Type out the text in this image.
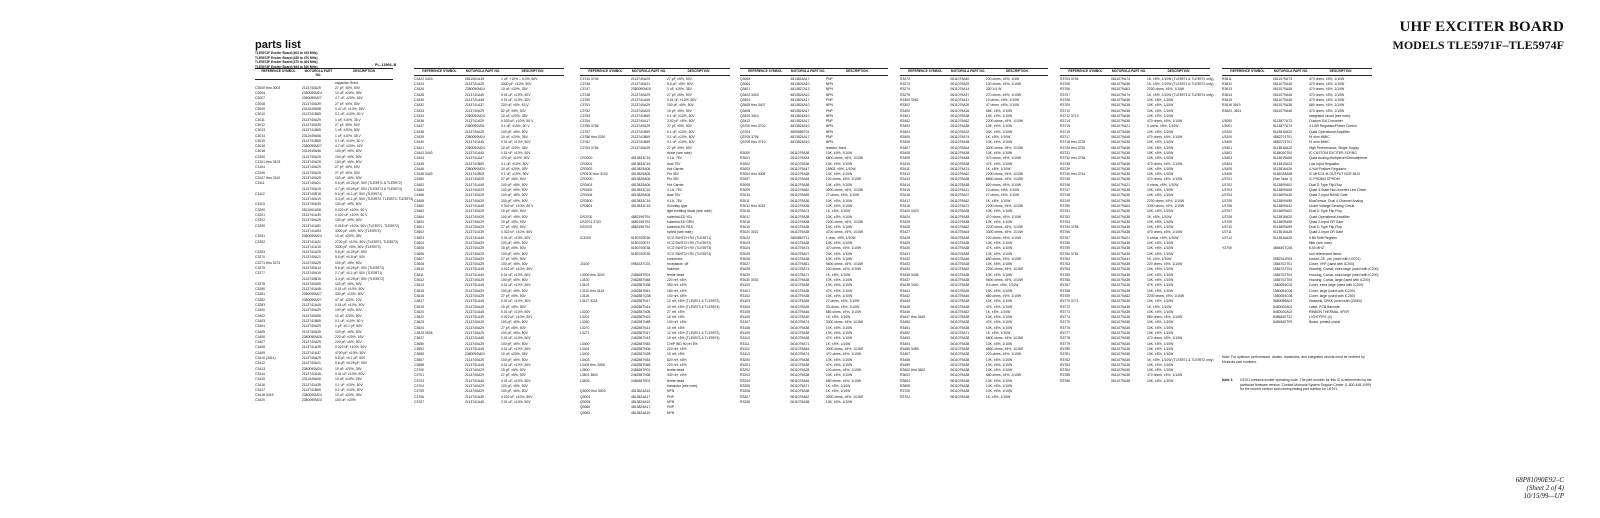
UHF EXCITER BOARD
MODELS TLE5971F–TLE5974F
parts list
TLE5971F Exciter Board (403 to 433 MHz)
TLE5972F Exciter Board (438 to 470 MHz)
TLE5973F Exciter Board (470 to 494 MHz)
TLE5974F Exciter Board (494 to 520 MHz)	PL–13966–B
REFERENCE SYMBOL	MOTOROLA PART NO.
DESCRIPTION
capacitor, fixed:
C3000 thru 3003	2113740A29	27 pF, ±5%, 50V
C3004	2380090M24	10 uF, ±20%, 35V
C3007	2380090M27	4.7 uF, ±20%, 16V
C3008	2113740A39	27 pF, ±5%, 50V
C3009	2311049A98	0.47 uF, ±10%, 35V
C3010	2113741B65	0.1 uF, ±10%, 50 V
C3011	2113740A29	1 uF, ±10%, 35 V
C3012	2113740A39	27 pF, ±5%, 50V
C3013	2113741B65	1 uF, ±20%, 50V
C3014	2311049A56	1 uF, ±10%, 35 V
C3015	2113741B69	0.1 uF, ±10%, 50 V
C3016	2380090M27	4.7 uF, ±20%, 16V
C3018	2311049A56	100 pF, ±5%, 50V
C3100	2113740A29	100 pF, ±5%, 50V
C3101 thru 3103	2113740A29	100 pF, ±5%, 50V
C3104	2113740A29	27 pF, ±5%, 50V
C3106	2113740A29	27 pF, ±5%, 50V
C3107 thru 3110	2113740A29	100 pF, ±5%, 50V
C3111	2113740A21	5.6 pF, ±0.25 pF, 50V (TLE5971 & TLE5972)
2113740A19	4.7 pF, ±0.25 pF, 50V (TLE5973 & TLE5974)
C3112	2113740B15	5.6 pF, ±0.1 pF, 50V (TLE5971)
2113740A19	3.3 pF, ±0.1 pF, 50V (TLE5972, TLE5973, TLE5974)
C3113	2113740A39	100 pF, ±5%, 50V
C3200	0811061A08	0.022 uF, ±10%, 50 V
C3201	2113741A39	0.022 uF, ±10%, 50 V
C3202	2113740A29	100 pF, ±5%, 50V
C3250	2113741A51	0.018 uF, ±10%, 50V (TLE5971, TLE5972)
2113741A53	3300 pF, ±5%, 50V (TLE5974)
C3251	2380090M24	10 uF, ±20%, 35V
C3252	2113741A21	2700 pF, ±10%, 50V (TLE5971, TLE5972)
2113741A15	3300 pF, ±5%, 50V (TLE5973)
C3253	2113741A29	5.6 pF, ±0.25 pF, 50V
C3270	2113740A21	5.6 pF, ±0.5 pF, 50V
C3271 thru 3274	2113740A29	100 pF, ±5%, 50V
C3275	2113740A14	5.6 pF, ±0.25 pF, 50V (TLE5971)
C3277	2113740A15	2.7 pF, ±0.1 pF, 50V (TLE5971)
2113740B15	3.3 pF, ±0.25 pF, 50V (TLE5972)
C3278	2113740A55	100 pF, ±5%, 50V
C3280	2113741A45	0.01 uF, ±10%, 50V
C3281	2380090M27	330 pF, ±10%, 50V
C3282	2380090M27	47 uF, ±20%, 10V
C3283	2113741A45	0.01 uF, ±10%, 50V
C3400	2113740A29	100 pF, ±5%, 50V
C3402	2113740A55	10 uF, ±20%, 50V
C3403	2113741B69	0.1 uF, ±10%, 50 V
C3404	2113740A29	1 pF, ±0.1 pF, 50V
C3405	2113740A39	100 pF, ±5%, 50V
C3406	2380090M26	220 uF, ±20%, 16V
C3407	2113740A29	100 pF, ±5%, 50V
C3408	2113741A39	0.022 uF, ±10%, 50V
C3409	2113741A37	4700 pF, ±10%, 50V
C3410 (3411)	2113740A29	5.6 pF, ±0.1 pF, 50V
C3412	2113740A21	5.6 pF, ±0.25 pF, 50V
C3413	2380090M24	10 uF, ±20%, 35V
C3414	2113741A45	0.01 uF, ±10%, 50V
C3415	2311049A06	10 uF, ±10%, 25V
C3416	2113741A39	0.1 uF, ±10%, 50V
C3417	2113741B69	0.1 uF, ±10%, 50V
C3418 3419	2380090M24	10 uF, ±20%, 35V
C3420	2380090M24	100 uF, ±20%
REFERENCE SYMBOL	MOTOROLA PART NO.	DESCRIPTION
C3422 3423	0811051A19	1 uF, +10% – 0.0%, 60V
C3424	2113741A29	3300 pF, ±10%, 50V
C3426	2380090M24	10 uF, ±20%, 35V
C3428	2113741A45	0.01 uF, ±10%, 50V
C3430	2113741A45	0.01 uF, ±10%, 50V
C3432	2113741A37	220 uF, ±5%, 63 V
C3433	2113740A29	82 pF, ±5%, 50V
C3434	2380090M24	10 uF, ±20%, 35V
C3436	2113741A29	0.033 uF, ±10%, 50 V
C3437	2380090M31	0.1 uF, ±10%, 50 V
C3438	2113740A29	100 pF, ±5%, 50V
C3439	2380090M24	10 uF, ±20%, 35V
C3440	2113741A45	0.01 uF, ±10%, 50V
C3441	2380090M24	10 uF, ±20%, 35V
C3442 3443	2113741A45	0.01 uF, ±10%, 50V
C3444	2113741A47	470 pF, ±10%, 50V
C3445	2113741B69	0.1 uF, ±10%, 50V
C3446	2380090M24	10 uF, ±20%, 35V
C3448 3449	2113741B69	0.1 uF, ±10%, 50V
C3450	2113740A29	27 pF, ±5%, 50V
C3452	2113741A45	100 pF, ±5%, 50V
C3454	2113740A29	100 pF, ±5%, 50V
C3456	2113740A29	100 pF, ±5%, 50V
C3458	2113740A29	100 pF, ±5%, 50V
C3460	2113741A45	0.002 uF, ±10%, 50 V
C3462	2113740A29	15 pF, ±5%, 50V
C3464	2113740A29	100 pF, ±5%, 50V
C3600	2113740A29	15 pF, ±5%, 50V
C3601	2113740A29	27 pF, ±5%, 50V
C3602	2113741A39	0.022 uF, ±10%, 50V
C3603	2113741A45	0.01 uF, ±10%, 50V
C3604	2113740A29	100 pF, ±5%, 50V
C3605	2113740A29	15 pF, ±5%, 50V
C3606	2113740A29	100 pF, ±5%, 50V
C3607	2113740A29	27 pF, ±5%, 50V
C3608	2113740A29	100 pF, ±5%, 50V
C3610	2113741A39	0.022 uF, ±10%, 50V
C3611	2113741A45	0.01 uF, ±10%, 50V
C3612	2113740A29	100 pF, ±5%, 50V
C3614	2113741A45	0.01 uF, ±10%, 50V
C3615	2113740A29	100 pF, ±5%, 50V
C3616	2113740A29	27 pF, ±5%, 50V
C3617	2113741A45	0.01 uF, ±10%, 50V
C3619	2113740A29	15 pF, ±5%, 50V
C3620	2113741A45	0.01 uF, ±10%, 50V
C3622	2113741A39	0.022 uF, ±10%, 50V
C3623	2113740A29	100 pF, ±5%, 50V
C3624	2113740A29	27 pF, ±5%, 50V
C3625 3628	2113740A29	100 pF, ±5%, 50V
C3627	2113741A45	0.01 uF, ±10%, 50V
C3650	2113740A29	100 pF, ±5%, 50V
C3652	2113741A45	0.01 uF, ±10%, 50V
C3655	2380090M24	10 uF, ±20%, 35V
C3657	2113740A29	100 pF, ±5%, 50V
C3658	2113741A45	0.01 uF, ±10%, 50V
C3700	2113740A29	15 pF, ±5%, 50V
C3701	2113740A29	27 pF, ±5%, 50V
C3703	2113741A45	0.01 uF, ±10%, 50V
C3704	2113740A29	100 pF, ±5%, 50V
C3705	2113740A29	100 pF, ±5%, 50V
C3706	2113741A39	0.022 uF, ±10%, 50V
C3707	2113741A45	0.01 uF, ±10%, 50V
REFERENCE SYMBOL	MOTOROLA PART NO.	DESCRIPTION
C3744 3745	2113740A29	27 pF, ±5%, 50V
C3746	2113740A21	5.6 pF, ±5%, 50V
C3747	2380090M15	1 uF, ±20%, 35V
C3748	2113740A29	27 pF, ±5%, 50V
C3750	2113741A45	0.01 uF, ±10%, 50V
C3751	2113740A29	100 pF, ±5%, 50V
C3752	2113740A29	15 pF, ±5%, 50V
C3753	2113741B69	0.1 uF, ±10%, 50V
C3754	2113740A17	3.92 pF, ±5%, 50V
C3755 3756	2113740A29	27 pF, ±5%, 50V
C3757	2113741B69	0.1 uF, ±10%, 50V
C3758 thru 3760	2113741B69	0.1 uF, ±10%, 50V
C3762	2113741B69	0.1 uF, ±10%, 50V
C3763 3764	2113740A29	27 pF, ±5%, 50V
diode (see note):
CR3000	4813833C16	0.1A, 75V
CR3001	4813833C16	dual 70V
CR3002	4813825A06	Hot Carrier
CR3100 thru 3102	4813825A06	Pin 35V
CR3200	4813825A06	Pin 35V
CR3401	4813825A06	Hot Carrier
CR3402	4813833C16	0.1A, 75V
CR3404	4813825A06	dual 70V
CR3500	4813833C16	0.1A, 75V
CR3601	4813833C16	Schottky type
light emitting diode (see note):
DS3700	4882196T04	subminiLED YEL
DS3701 3703	4882196T04	subminiLED GRN
DS3702	4882196T04	subminiLED RED
hybrid (see note):
IC3200	5180700E36	VCO SWITCH RX (TLE5971)
5180700E37	VCO SWITCH RX (TLE5972)
5180700E38	VCO SWITCH RX (TLE5973)
5180700E39	VCO SWITCH RX (TLE5974)
connector:
J3100	0984337G01	receptacle, off
inductor:
L3000 thru 3002	2484657R01	ferrite bead
L3100	2462587N48	220 nH, ±5%
L3101	2462587N38	390 nH, ±5%
L3110 thru 3115	2462587N41	180 nH, ±5%
L3116	2462587Q38	100 nH, ±5%
L3117 3118	2462587N17	12 nH, ±5% (TLE5971 & TLE5972)
2462587N14	10 nH, ±5% (TLE5973 & TLE5974)
L3200	2462587N06	27 nH, ±5%
L3201	2462587N23	15 nH, ±5%
L3260	2462587N65	100 nH, ±5%
L3270	2462587N14	10 nH, ±5%
L3271	2462587N17	12 nH, ±5% (TLE5971 & TLE5972)
2462587N14	10 nH, ±5% (TLE5973 & TLE5974)
L3400	2462587N53	CHIP IND 90 nH 5%
L3401	2462587N06	220 nH, ±5%
L3402	2462587N28	15 nH, ±5%
L3403	2462587N51	820 nH, ±5%
L3404 thru 3406	2462587N48	220 nH, ±5%
L3600	2484657R01	ferrite bead
L3601 3602	2462587N38	330 nH, ±5%
L3603	2484657R01	ferrite bead
transistor (see note):
Q3000 thru 3003	4813824A10	NPN
Q3004	4813824A17	PNP
Q3005	4813824A10	NPN
Q3060	4813824A17	PNP
Q3062	4813824A10	NPN
REFERENCE SYMBOL	MOTOROLA PART NO.	DESCRIPTION
Q3063	4813824A17	PNP
Q3064	4813824A10	NPN
Q3401	4813827A13	NPN
Q3402 3403	4813824A10	NPN
Q3404	4813824A17	PNP
Q3405 thru 3407	4813824A10	NPN
Q3408	4813824A17	PNP
Q3409 3410	4813824A10	NPN
Q3412	4813824A17	PNP
Q3700 thru 3702	4813824A10	NPN
Q3704	4805656T01	NPN
Q3705 3706	4813824A17	PNP
Q3708 thru 3710	4813824A10	NPN
resistor, fixed:
R3000	0611079A38	10K, ±5%, 1/10W
R3001	0611079A34	6800 ohms, ±5%, 1/10W
R3002	0611079A36	10K, ±5%, 1/10W
R3003	0611079A47	15802, ±5%, 1/10W
R3004 thru 3008	0611079A38	10K, ±5%, 1/10W
R3007	0611079A48	100 ohms, ±5%, 1/10W
R3008	0611079A38	10K, ±5%, 1/10W
R3009	0611079A62	3900 ohms, ±5%, 1/10W
R3010	0611079A55	27 ohms, ±5%, 1/10W
R3011	0611079A36	10K, ±5%, 1/10W
R3012 thru 3015	0611079A38	10K, ±5%, 1/10W
R3016	0611079A74	1K, ±5%, 1/10W
R3017	0611079A38	10K, ±5%, 1/10W
R3018	0611079A38	2200 ohms, ±5%, 1/10W
R3019	0611079A38	10K, ±5%, 1/10W
R3020 3021	0611079A38	4700 ohms, ±5%, 1/10W
R3022	0660862T11	1 ohm, ±5%, 1/10W
R3023	0611079A38	10K, ±5%, 1/10W
R3024	0611079A74	470 ohms, ±5%, 1/10W
R3025	0611079A07	20K, ±5%, 1/10W
R3026	0611079A38	10K, ±5%, 1/10W
R3027	0611079A61	5600 ohms, ±5%, 1/10W
R3028	0611079A74	100 ohms, ±5%, 1/10W
R3029	0611079A71	1K, ±5%, 1/10W
R3030 3031	0611079A38	10K, ±5%, 1/10W
R3100	0611079A38	10K, ±5%, 1/10W
R3101	0611079A38	47K, ±5%, 1/10W
R3102	0611079A38	10K, ±5%, 1/10W
R3103	0611079A55	27 ohms, ±5%, 1/10W
R3104	0611079A38	33 ohms, ±5%, 1/10W
R3105	0611079A46	680 ohms, ±5%, 1/10W
R3106	0611079A30	1K, ±5%, 1/10W
R3107	0611079A74	3300 ohms, ±5%, 1/10W
R3108	0611079A38	10K, ±5%, 1/10W
R3109	0611079A38	10K, ±5%, 1/10W
R3110	0611079A38	47K, ±5%, 1/10W
R3111	0611079A71	1K, ±5%, 1/10W
R3112	0611079A64	3300 ohms, ±5%, 1/10W
R3113	0611079A74	470 ohms, ±5%, 1/10W
R3200	0611079A38	10K, ±5%, 1/10W
R3201	0611079A38	47K, ±5%, 1/10W
R3202	0611079A28	100 ohms, ±5%, 1/10W
R3203	0611079A38	10K, ±5%, 1/10W
R3204	0611079A46	680 ohms, ±5%, 1/10W
R3205	0611079A71	1K, ±5%, 1/10W
R3206	0611079A38	1K, ±5%, 1/10W
R3207	0611079A62	3900 ohms, ±5%, 1/10W
R3208	0611079A38	10K, ±5%, 1/10W
REFERENCE SYMBOL	MOTOROLA PART NO.	DESCRIPTION
R3272	0611079A40	200 ohms, ±5%, 1/4W
R3273	0611079A29	100 ohms, ±5%, 1/10W
R3274	0611079A14	330 1/4 W
R3275	0611079A37	270 ohms, ±5%, 1/10W
R3300 3062	0611079A11	10 ohms, ±5%, 1/10W
R3302	0611079A26	47 ohms, ±5%, 1/10W
R3400	0611079A16	56K, ±5%, 1/10W
R3401	0611079A38	10K, ±5%, 1/10W
R3402	0611079A62	2200 ohms, ±5%, 1/10W
R3403	0611079A38	10K, ±5%, 1/10W
R3404	0611079A32	33K, ±5%, 1/10W
R3405	0611079A74	1K, ±5%, 1/10W
R3406	0611079A38	10K, ±5%, 1/10W
R3407	0611079A64	3300 ohms, ±5%, 1/10W
R3408	0611079A38	10K, ±5%, 1/10W
R3409	0611079A48	470 ohms, ±5%, 1/10W
R3410	0611079A38	47K, ±5%, 1/10W
R3411	0611079A74	1K, ±5%, 1/10W
R3412	0611079A62	2200 ohms, ±5%, 1/10W
R3413	0611079A38	6800 ohms, ±5%, 1/10W
R3414	0611079A38	820 ohms, ±5%, 1/10W
R3415	0611079A11	10 ohms, ±5%, 1/10W
R3416	0611079A37	27 ohms, ±5%, 1/10W
R3417	0611079A62	1K, ±5%, 1/10W
R3418	0611079A72	2200 ohms, ±5%, 1/10W
R3420 3423	0611079A38	10K, ±5%, 1/10W
R3424	0611079A48	470 ohms, ±5%, 1/10W
R3425	0611079A38	10K, ±5%, 1/10W
R3426	0611079A62	2200 ohms, ±5%, 1/10W
R3427	0611079A64	3300 ohms, ±5%, 1/10W
R3428	0611079A38	100 ohms, ±5%, 1/10W
R3429	0611079A38	10K, ±5%, 1/10W
R3430	0611079A38	47K, ±5%, 1/10W
R3431	0611079A38	10K, ±5%, 1/10W
R3432	0611079A46	680 ohms, ±5%, 1/10W
R3433	0611079A38	10K, ±5%, 1/10W
R3434	0611079A62	2200 ohms, ±5%, 1/10W
R3435 3436	0611079A38	10K, ±5%, 1/10W
R3437	0611079A38	5600 ohms, ±5%, 1/10W
R3438 3440	0611079A38	5.6 ohm, ±5%, 1/10W
R3441	0611079A38	10K, ±5%, 1/10W
R3442	0611079A46	680 ohms, ±5%, 1/10W
R3444	0611079A38	10K, ±5%, 1/10W
R3445	0611079A38	47K, ±5%, 1/10W
R3446	0611079A62	1K, ±5%, 1/10W
R3447 thru 3449	0611079A38	10K, ±5%, 1/10W
R3450	0611079A38	47K, ±5%, 1/10W
R3451	0611079A38	10K, ±5%, 1/10W
R3452	0611079A71	1K, ±5%, 1/10W
R3453	0611079A38	6800 ohms, ±5%, 1/10W
R3454	0611079A38	10K, ±5%, 1/10W
R3455 3456	0611079A38	6800 ohms, ±5%, 1/10W
R3457	0611079A38	220 ohms, ±5%, 1/10W
R3458	0611079A38	10K, ±5%, 1/10W
R3459	0611079A38	10K, ±5%, 1/10W
R3600 thru 3602	0611079A38	10K, ±5%, 1/10W
R3603	0611079A38	680 ohms, ±5%, 1/10W
R3604	0611079A38	10K, ±5%, 1/10W
R3605	0611079A38	10K, ±5%, 1/10W
R3700	0611079A38	10K, ±5%, 1/10W
R3702	0611079A38	1K, ±5%, 1/10W
REFERENCE SYMBOL	MOTOROLA PART NO.	DESCRIPTION
R3703 3704	0611079A74	1K, ±5%, 1/10W (TLE5971 & TLE5972 only)
R3705	0611079A38	1K, ±5%, 1/10W (TLE5971 & TLE5972 only)
R3706	0611079A62	2200 ohms, ±5%, 1/10W
R3707	0611079A74	1K, ±5%, 1/10W (TLE5973 & TLE5974 only)
R3708	0611079A38	10K, ±5%, 1/10W
R3709	0611079A38	10K, ±5%, 1/10W
R3710	0611079A38	10K, ±5%, 1/10W
R3712 3713	0611079A38	10K, ±5%, 1/10W
R3714	0611079A38	470 ohms, ±5%, 1/10W
R3715	0611079A21	0 ohms, ±5%, 1/10W
R3716	0611079A38	10K, ±5%, 1/10W
R3717	0611079A48	470 ohms, ±5%, 1/10W
R3718 thru 3725	0611079A38	10K, ±5%, 1/10W
R3726 thru 3730	0611079A38	10K, ±5%, 1/10W
R3731	0611079A38	10K, ±5%, 1/10W
R3732 thru 3736	0611079A38	10K, ±5%, 1/10W
R3738	0611079A38	470 ohms, ±5%, 1/10W
R3739	0611079A38	10K, ±5%, 1/10W
R3740 thru 3744	0611079A38	10K, ±5%, 1/10W
R3745	0611079A38	470 ohms, ±5%, 1/10W
R3746	0611079A21	0 ohms, ±5%, 1/10W
R3747	0611079A38	10K, ±5%, 1/10W
R3748	0611079A38	10K, ±5%, 1/10W
R3749	0611079A38	2200 ohms, ±5%, 1/10W
R3750	0611079A64	3300 ohms, ±5%, 1/10W
R3751	0611079A38	10K, ±5%, 1/10W
R3752	0611079A38	1K, ±5%, 1/10W
R3753	0611079A38	10K, ±5%, 1/10W
R3754 3755	0611079A38	10K, ±5%, 1/10W
R3756	0611079A38	470 ohms, ±5%, 1/10W
R3757	0611079A21	0 ohms, ±5%, 1/10W
R3758	0611079A38	10K, ±5%, 1/10W
R3759	0611079A38	10K, ±5%, 1/10W
R3760 3761	0611079A38	10K, ±5%, 1/10W
R3762	0611079A41	1K, ±5%, 1/10W
R3763	0611079A38	220 ohms, ±5%, 1/10W
R3764	0611079A38	10K, ±5%, 1/10W
R3765	0611079A38	10K, ±5%, 1/10W
R3766	0611079A38	10K, ±5%, 1/10W
R3767	0611079A38	47K, ±5%, 1/10W
R3768	0611079A38	10K, ±5%, 1/10W
R3769	0611079A62	2200 ohms, ±5%, 1/10W
R3770 3771	0611079A38	10K, ±5%, 1/10W
R3772	0611079A38	1K, ±5%, 1/10W
R3773	0611079A38	10K, ±5%, 1/10W
R3774	0611079A38	680 ohms, ±5%, 1/10W
R3775	0611079A38	10K, ±5%, 1/10W
R3776	0611079A38	10K, ±5%, 1/10W
R3777	0611079A38	10K, ±5%, 1/10W
R3778	0611079A38	470 ohms, ±5%, 1/10W
R3779	0611079A38	10K, ±5%, 1/10W
R3780	0611079A38	10K, ±5%, 1/10W
R3781	0611079A38	10K, ±5%, 1/10W
R3782	0611079A38	1K, ±5%, 1/10W (TLE5971 & TLE5972 only)
R3783	0611079A38	10K, ±5%, 1/10W
R3784	0611079A38	10K, ±5%, 1/10W
R3785	0611079A38	470 ohms, ±5%, 1/10W
R3786	0611079A38	10K, ±5%, 1/10W
REFERENCE SYMBOL	MOTOROLA PART NO.	DESCRIPTION
R3611	0611079A73	470 ohms, ±5%, 1/10W
R3612	0611079A48	470 ohms, ±5%, 1/10W
R3613	0611079A48	470 ohms, ±5%, 1/10W
R3614	0611079A48	470 ohms, ±5%, 1/10W
R3615	0611079A48	470 ohms, ±5%, 1/10W
R3616 3619	0611079A38	680 ohms, ±5%, 1/10W
R3620, 3621	0611079A48	470 ohms, ±5%, 1/10W
integrated circuit (see note):
U3000	5113877A73	Custom D/A Converter
U3001	5113877A73	4.10W Regulator/Power Control
U3100	5113816A20	Quad Operational Amplifier
U3200	4882274T01	Hi ohm MMIC
U3400	4882274T01	Hi ohm MMIC
U3401	5113816A20	High Performance, Single Supply
U3402	5184000T04	IC CUSTOM EXCITER SCRNG
U3403	5113819A08	Quad Analog Multiplexer/Demultiplexer
U3404	5113819A24	Low Input Regulator
U3405	5113816A26	4-Volt Positive Regulator
U3406	5184028A98	IC MHC11 M-OUTPUT NCR MUX
U3701	(See Note 1)	IC PROMO EPROM
U3702	5113809A02	Dual D-Type Flip-Flop
U3703	5113809A08	Quad 3-State Non-Inverter Line Driver
U3704	5113809A30	Quad 2-Input NAND Gate
U3705	5113809A90	MuxDemux, Dual 4-Channel Analog
U3706	5113809A42	Under Voltage Sensing Circuit
U3707	5113809A02	Dual D-Type Flip-Flop
U3708	5113816A20	Quad Operational Amplifier
U3709	5113809A95	Quad 2-Input OR Gate
U3710	5113809A99	Dual D-Type Flip-Flop
U3711	5113816A26	Quad 2-Input OR Gate
U3712	5113816A26	5 Bit Shift Register
filter (see note):
Y3700	4884407Q01	8.00 MHZ
non-referenced items:
0982341R01	socket, 28 - pin (used with U3701)
1584702T01	Cover, VHF (used with IC200)
1584702T04	Housing, Comal, extra large (used with IC200)
1584702T04	Housing, Comal, extra large (used with IC200)
1584702T05	Housing, Comal, large (used with IC200)
1580054C02	Cover, extra large (used with IC200)
1580054C06	Cover, large (used with IC200)
1580054C08	Cover, large (used with IC200)
3680056A01	Heatsink, DPAK (used with Q3064)
8480000A01	Label, PCB Barcode
8480000A02	RIBBON THERMAL XFER
8484849T12	LIGHTPIPE (4)
8484849T09	Board, printed circuit
Note: For optimum performance, diodes, transistors, and integrated circuits must be ordered by Motorola part numbers.
Note 1. U3701 contains exciter operating code. The part number for this IC is determined by the particular firmware version. Contact Motorola System Support Center (1-800-448-1099) for the current version and corresponding part number for U3701.
68P81090E92–C
(Sheet 2 of 4)
10/15/99—UP
